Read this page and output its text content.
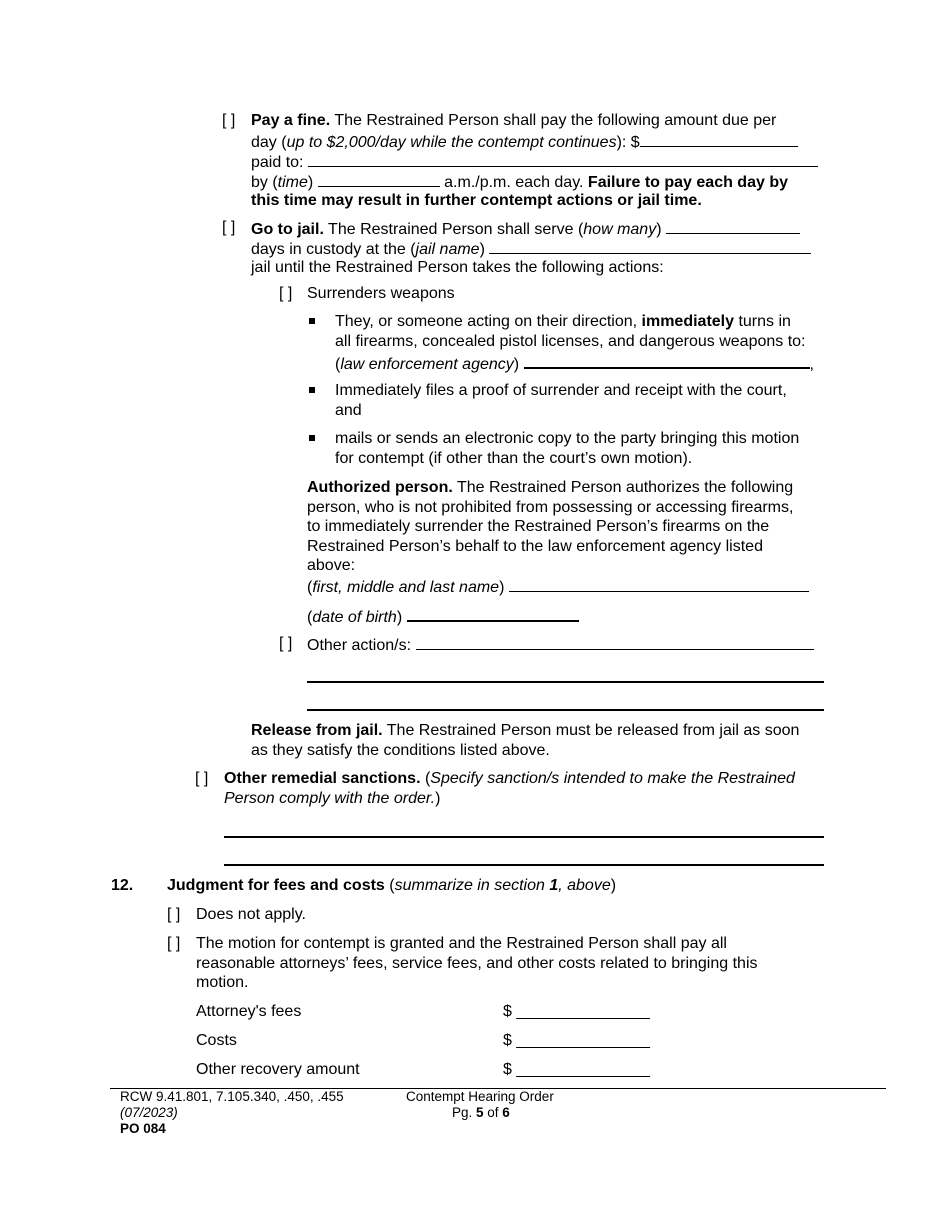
[ ] Pay a fine. The Restrained Person shall pay the following amount due per
day (up to $2,000/day while the contempt continues): $
paid to:
by (time)	a.m./p.m. each day. Failure to pay each day by
this time may result in further contempt actions or jail time.
[ ] Go to jail. The Restrained Person shall serve (how many)
days in custody at the (jail name)
jail until the Restrained Person takes the following actions:
[ ] Surrenders weapons
They, or someone acting on their direction, immediately turns in
all firearms, concealed pistol licenses, and dangerous weapons to:
(law enforcement agency)	,
Immediately files a proof of surrender and receipt with the court,
and
mails or sends an electronic copy to the party bringing this motion
for contempt (if other than the court’s own motion).
Authorized person. The Restrained Person authorizes the following
person, who is not prohibited from possessing or accessing firearms,
to immediately surrender the Restrained Person’s firearms on the
Restrained Person’s behalf to the law enforcement agency listed
above:
(first, middle and last name)
(date of birth)
[ ] Other action/s:
Release from jail. The Restrained Person must be released from jail as soon
as they satisfy the conditions listed above.
[ ] Other remedial sanctions. (Specify sanction/s intended to make the Restrained
Person comply with the order.)
12. Judgment for fees and costs (summarize in section 1, above)
[ ] Does not apply.
[ ] The motion for contempt is granted and the Restrained Person shall pay all
reasonable attorneys’ fees, service fees, and other costs related to bringing this
motion.
Attorney's fees	$ _______________
Costs	$ _______________
Other recovery amount	$ _______________
RCW 9.41.801, 7.105.340, .450, .455
(07/2023)
PO 084
Contempt Hearing Order
Pg. 5 of 6
